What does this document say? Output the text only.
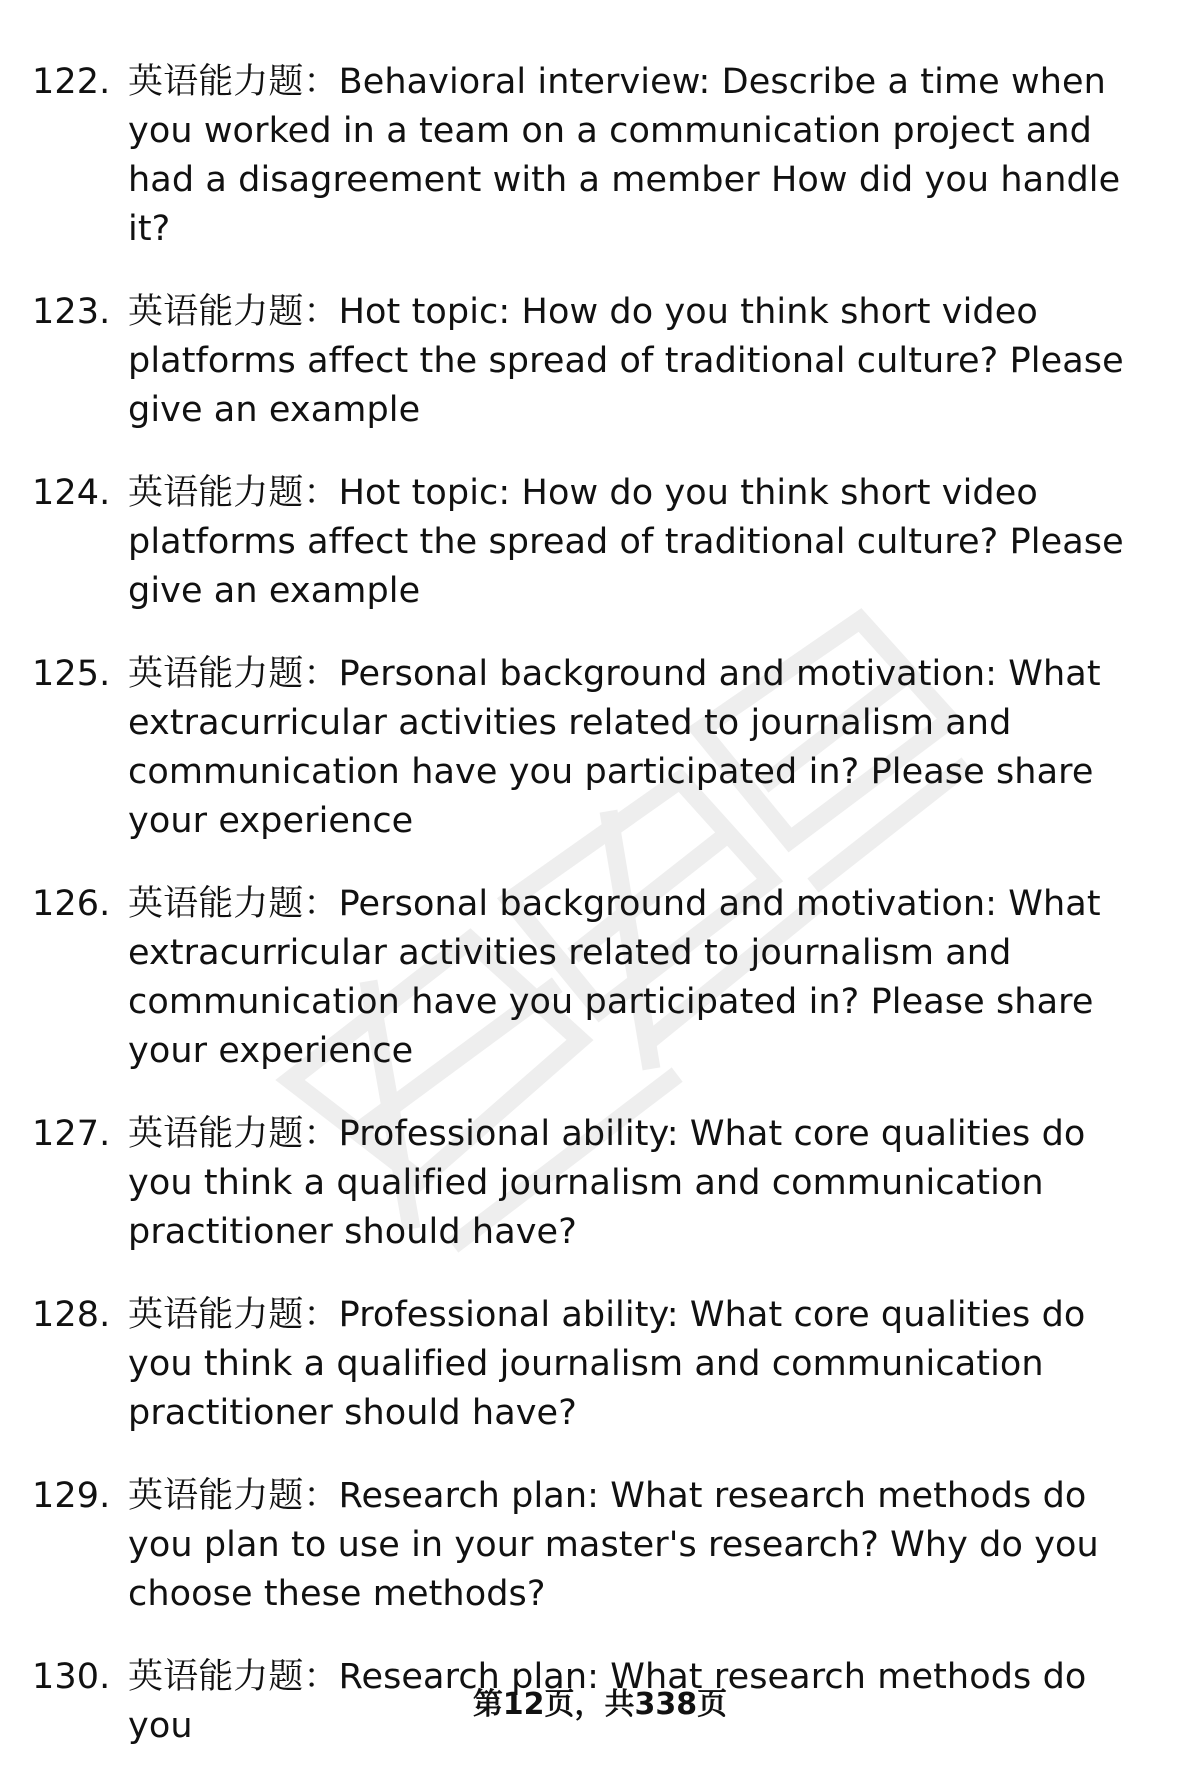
122. 英语能力题：Behavioral interview: Describe a time when you worked in a team on a communication project and had a disagreement with a member How did you handle it?
123. 英语能力题：Hot topic: How do you think short video platforms affect the spread of traditional culture? Please give an example
124. 英语能力题：Hot topic: How do you think short video platforms affect the spread of traditional culture? Please give an example
125. 英语能力题：Personal background and motivation: What extracurricular activities related to journalism and communication have you participated in? Please share your experience
126. 英语能力题：Personal background and motivation: What extracurricular activities related to journalism and communication have you participated in? Please share your experience
127. 英语能力题：Professional ability: What core qualities do you think a qualified journalism and communication practitioner should have?
128. 英语能力题：Professional ability: What core qualities do you think a qualified journalism and communication practitioner should have?
129. 英语能力题：Research plan: What research methods do you plan to use in your master's research? Why do you choose these methods?
130. 英语能力题：Research plan: What research methods do you
第12页，共338页
